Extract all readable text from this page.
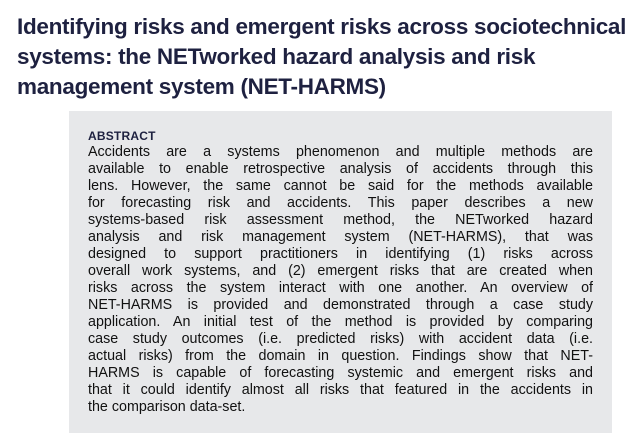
Identifying risks and emergent risks across sociotechnical
systems: the NETworked hazard analysis and risk
management system (NET-HARMS)
ABSTRACT
Accidents are a systems phenomenon and multiple methods are
available to enable retrospective analysis of accidents through this
lens. However, the same cannot be said for the methods available
for forecasting risk and accidents. This paper describes a new
systems-based risk assessment method, the NETworked hazard
analysis and risk management system (NET-HARMS), that was
designed to support practitioners in identifying (1) risks across
overall work systems, and (2) emergent risks that are created when
risks across the system interact with one another. An overview of
NET-HARMS is provided and demonstrated through a case study
application. An initial test of the method is provided by comparing
case study outcomes (i.e. predicted risks) with accident data (i.e.
actual risks) from the domain in question. Findings show that NET-
HARMS is capable of forecasting systemic and emergent risks and
that it could identify almost all risks that featured in the accidents in
the comparison data-set.
